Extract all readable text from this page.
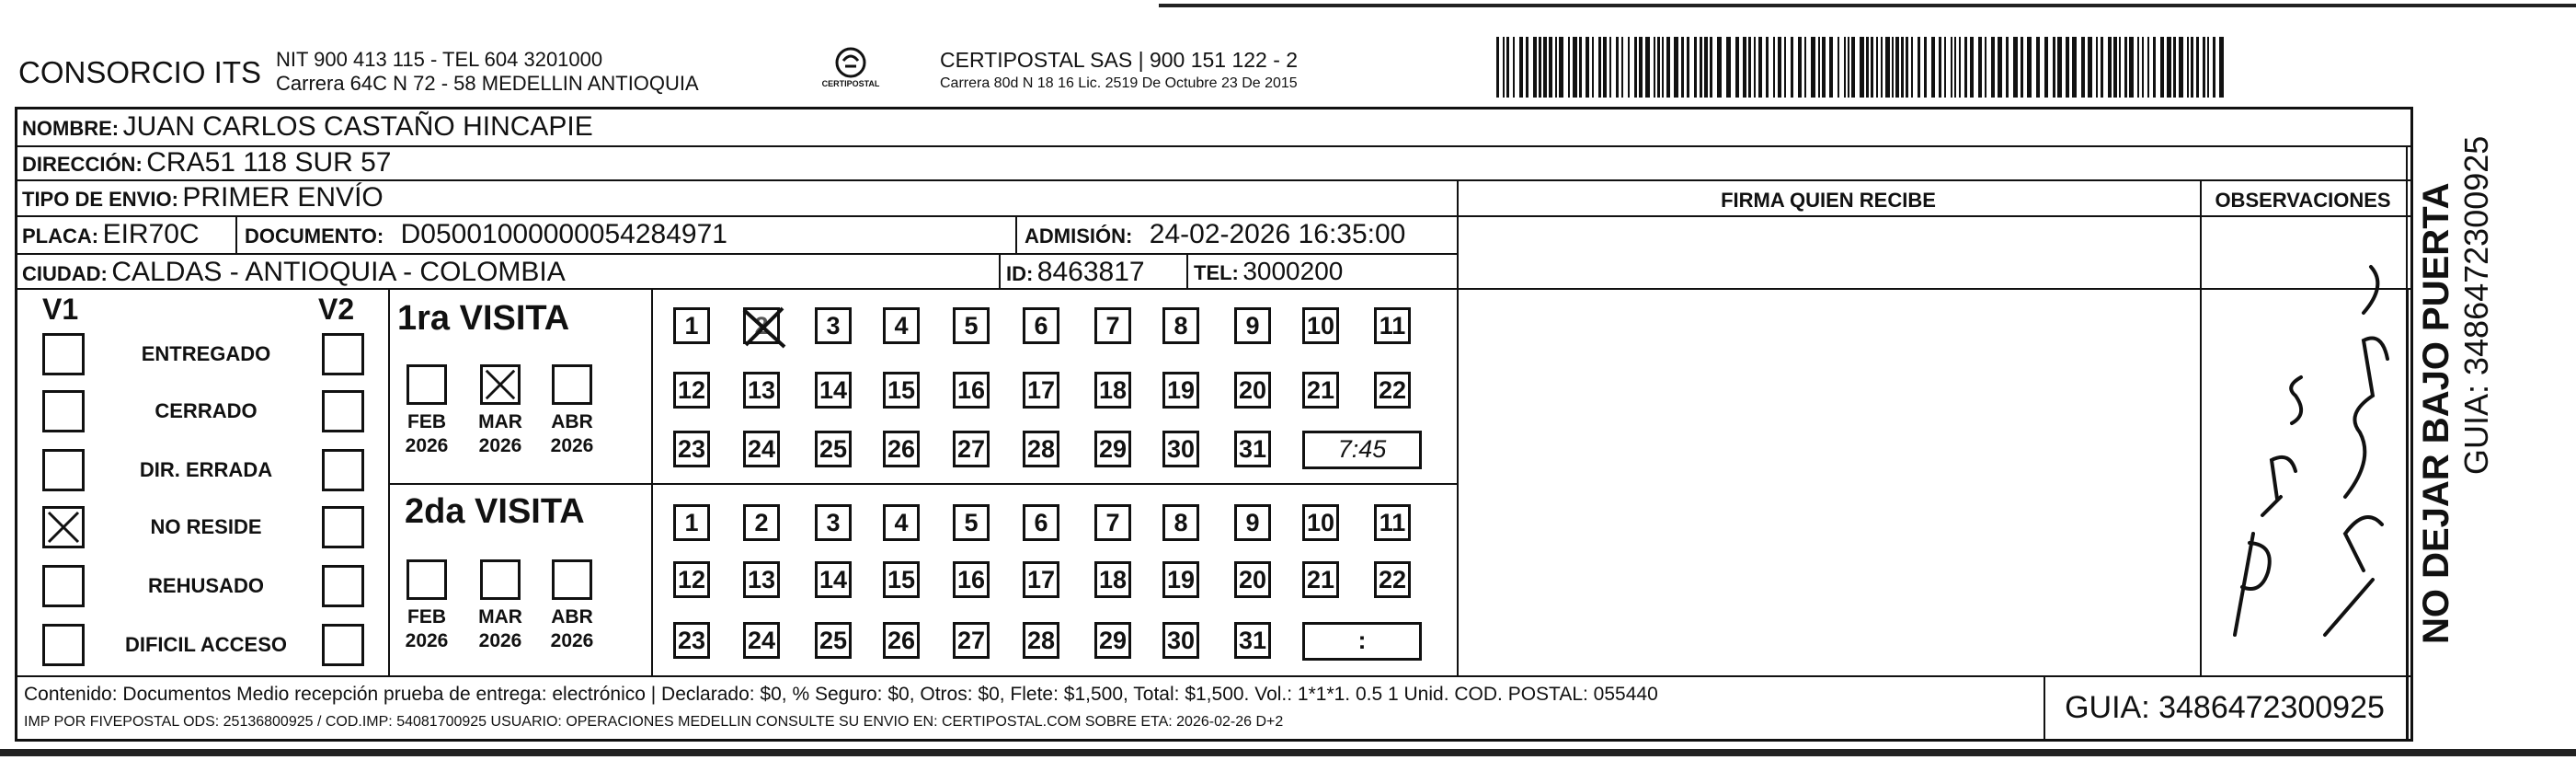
CONSORCIO ITS NIT 900 413 115 - TEL 604 3201000
Carrera 64C N 72 - 58 MEDELLIN ANTIOQUIA	CERTIPOSTAL
CERTIPOSTAL SAS | 900 151 122 - 2
Carrera 80d N 18 16 Lic. 2519 De Octubre 23 De 2015
NOMBRE: JUAN CARLOS CASTAÑO HINCAPIE
DIRECCIÓN: CRA51 118 SUR 57
TIPO DE ENVIO: PRIMER ENVÍO	FIRMA QUIEN RECIBE	OBSERVACIONES
PLACA: EIR70C DOCUMENTO: D05001000000054284971	ADMISIÓN: 24-02-2026 16:35:00
CIUDAD: CALDAS - ANTIOQUIA - COLOMBIA	ID: 8463817 TEL: 3000200
V1	V2
ENTREGADO
CERRADO
DIR. ERRADA
NO RESIDE
REHUSADO
DIFICIL ACCESO
1ra VISITA
FEB
2026
MAR
2026
ABR
2026
1	2	3	4	5	6	7	8	9	10 11
12 13 14 15 16 17 18 19 20 21 22
23 24 25 26 27 28 29 30 31	7:45
2da VISITA
FEB
2026
MAR
2026
ABR
2026
1	2	3	4	5	6	7	8	9	10 11
12 13 14 15 16 17 18 19 20 21 22
23 24 25 26 27 28 29 30 31	:	NO DEJAR BAJO PUERTA GUIA: 3486472300925
Contenido: Documentos Medio recepción prueba de entrega: electrónico | Declarado: $0, % Seguro: $0, Otros: $0, Flete: $1,500, Total: $1,500. Vol.: 1*1*1. 0.5 1 Unid. COD. POSTAL: 055440
IMP POR FIVEPOSTAL ODS: 25136800925 / COD.IMP: 54081700925 USUARIO: OPERACIONES MEDELLIN CONSULTE SU ENVIO EN: CERTIPOSTAL.COM SOBRE ETA: 2026-02-26 D+2	GUIA: 3486472300925
